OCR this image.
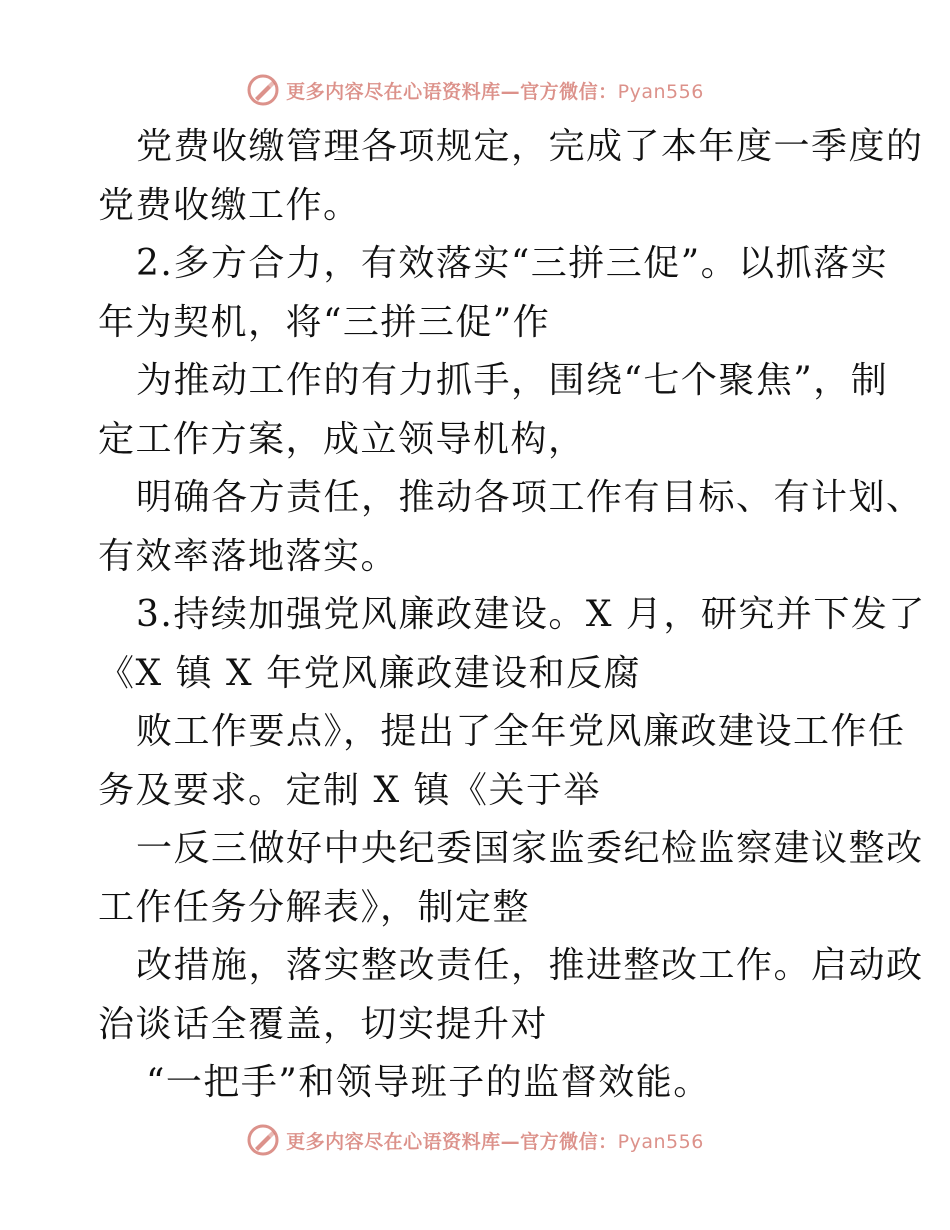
更多内容尽在心语资料库—官方微信：Pyan556
党费收缴管理各项规定，完成了本年度一季度的
党费收缴工作。
2.多方合力，有效落实“三拼三促”。以抓落实
年为契机，将“三拼三促”作
为推动工作的有力抓手，围绕“七个聚焦”，制
定工作方案，成立领导机构，
明确各方责任，推动各项工作有目标、有计划、
有效率落地落实。
3.持续加强党风廉政建设。X 月，研究并下发了
《X 镇 X 年党风廉政建设和反腐
败工作要点》，提出了全年党风廉政建设工作任
务及要求。定制 X 镇《关于举
一反三做好中央纪委国家监委纪检监察建议整改
工作任务分解表》，制定整
改措施，落实整改责任，推进整改工作。启动政
治谈话全覆盖，切实提升对
“一把手”和领导班子的监督效能。
更多内容尽在心语资料库—官方微信：Pyan556
